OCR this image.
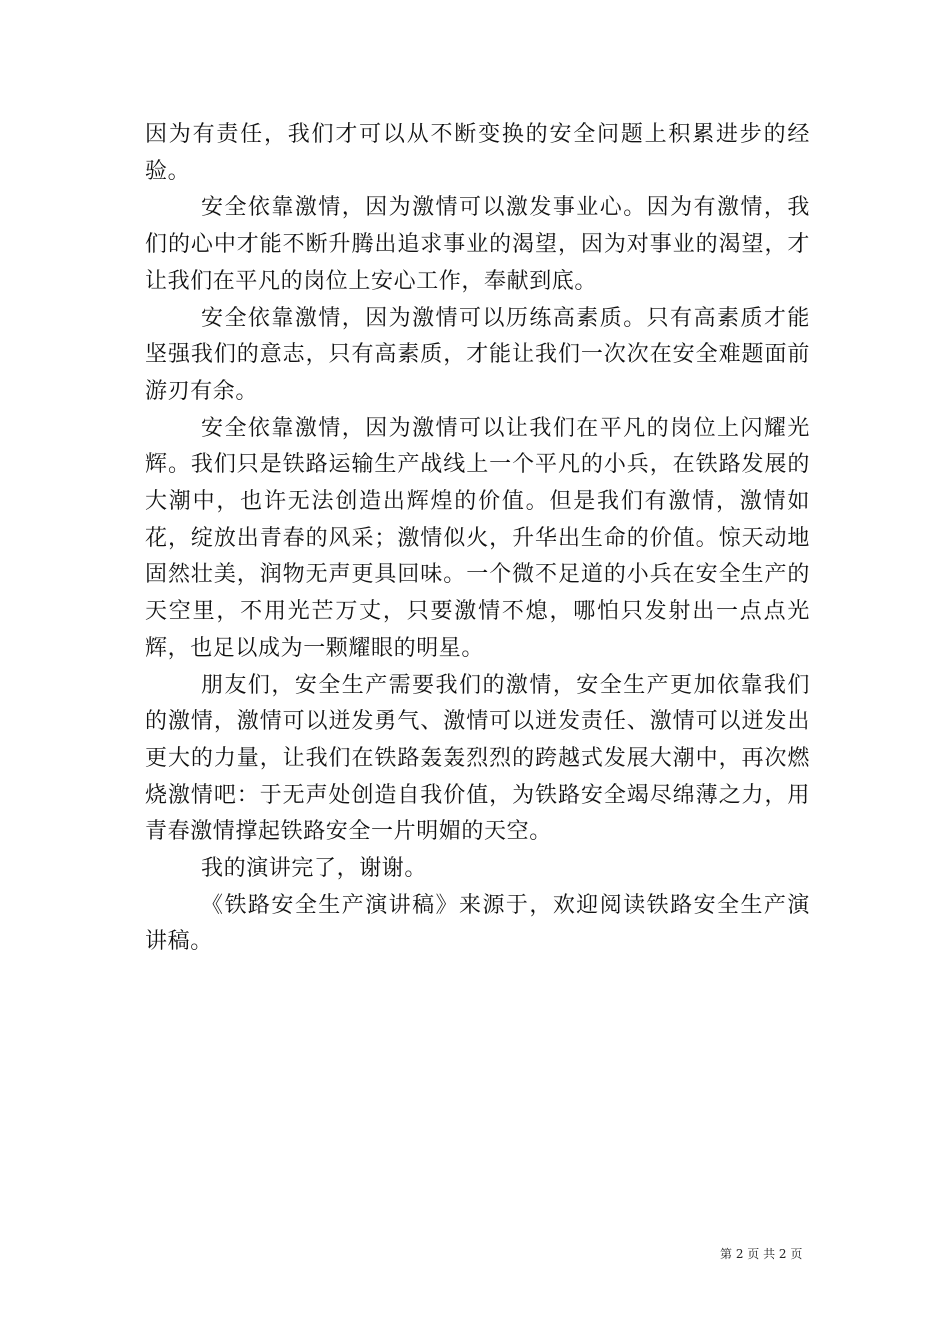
因为有责任，我们才可以从不断变换的安全问题上积累进步的经验。

安全依靠激情，因为激情可以激发事业心。因为有激情，我们的心中才能不断升腾出追求事业的渴望，因为对事业的渴望，才让我们在平凡的岗位上安心工作，奉献到底。

安全依靠激情，因为激情可以历练高素质。只有高素质才能坚强我们的意志，只有高素质，才能让我们一次次在安全难题面前游刃有余。

安全依靠激情，因为激情可以让我们在平凡的岗位上闪耀光辉。我们只是铁路运输生产战线上一个平凡的小兵，在铁路发展的大潮中，也许无法创造出辉煌的价值。但是我们有激情，激情如花，绽放出青春的风采；激情似火，升华出生命的价值。惊天动地固然壮美，润物无声更具回味。一个微不足道的小兵在安全生产的天空里，不用光芒万丈，只要激情不熄，哪怕只发射出一点点光辉，也足以成为一颗耀眼的明星。

朋友们，安全生产需要我们的激情，安全生产更加依靠我们的激情，激情可以迸发勇气、激情可以迸发责任、激情可以迸发出更大的力量，让我们在铁路轰轰烈烈的跨越式发展大潮中，再次燃烧激情吧：于无声处创造自我价值，为铁路安全竭尽绵薄之力，用青春激情撑起铁路安全一片明媚的天空。

我的演讲完了，谢谢。

《铁路安全生产演讲稿》来源于，欢迎阅读铁路安全生产演讲稿。

第 2 页 共 2 页
